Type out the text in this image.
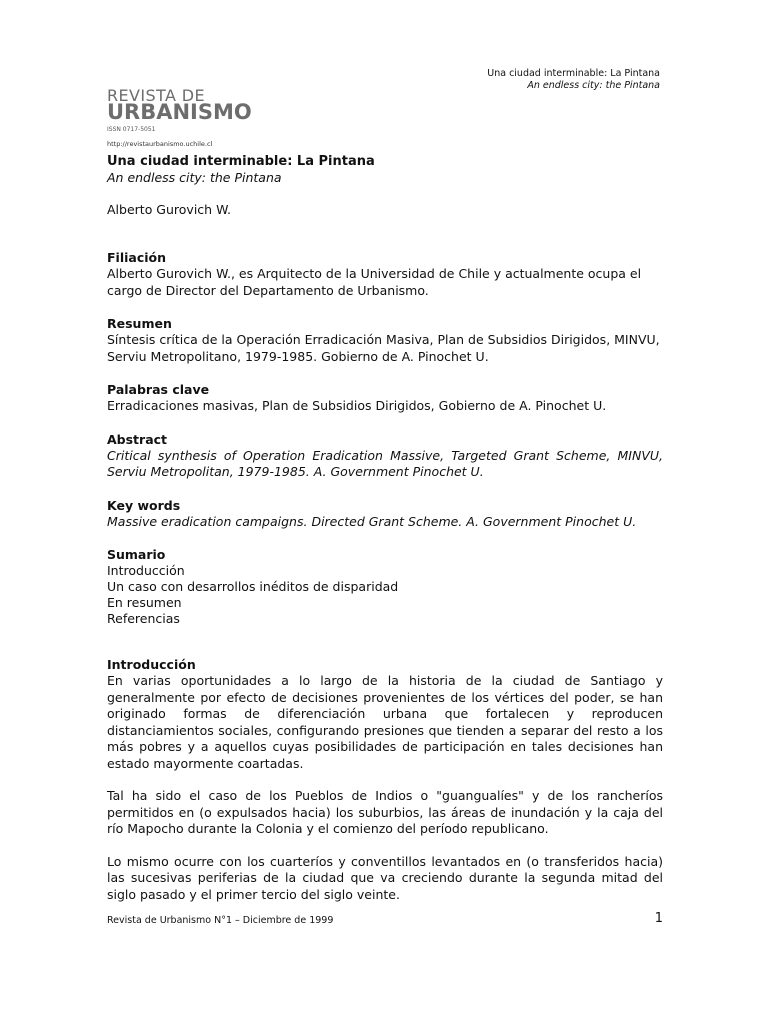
Una ciudad interminable: La Pintana
An endless city: the Pintana
REVISTA DE
URBANISMO
ISSN 0717-5051
http://revistaurbanismo.uchile.cl
Una ciudad interminable: La Pintana
An endless city: the Pintana
Alberto Gurovich W.
Filiación
Alberto Gurovich W., es Arquitecto de la Universidad de Chile y actualmente ocupa el cargo de Director del Departamento de Urbanismo.
Resumen
Síntesis crítica de la Operación Erradicación Masiva, Plan de Subsidios Dirigidos, MINVU, Serviu Metropolitano, 1979-1985. Gobierno de A. Pinochet U.
Palabras clave
Erradicaciones masivas, Plan de Subsidios Dirigidos, Gobierno de A. Pinochet U.
Abstract
Critical synthesis of Operation Eradication Massive, Targeted Grant Scheme, MINVU, Serviu Metropolitan, 1979-1985. A. Government Pinochet U.
Key words
Massive eradication campaigns. Directed Grant Scheme. A. Government Pinochet U.
Sumario
Introducción
Un caso con desarrollos inéditos de disparidad
En resumen
Referencias
Introducción
En varias oportunidades a lo largo de la historia de la ciudad de Santiago y generalmente por efecto de decisiones provenientes de los vértices del poder, se han originado formas de diferenciación urbana que fortalecen y reproducen distanciamientos sociales, configurando presiones que tienden a separar del resto a los más pobres y a aquellos cuyas posibilidades de participación en tales decisiones han estado mayormente coartadas.
Tal ha sido el caso de los Pueblos de Indios o "guangualíes" y de los rancheríos permitidos en (o expulsados hacia) los suburbios, las áreas de inundación y la caja del río Mapocho durante la Colonia y el comienzo del período republicano.
Lo mismo ocurre con los cuarteríos y conventillos levantados en (o transferidos hacia) las sucesivas periferias de la ciudad que va creciendo durante la segunda mitad del siglo pasado y el primer tercio del siglo veinte.
Revista de Urbanismo N°1 – Diciembre de 1999	1
